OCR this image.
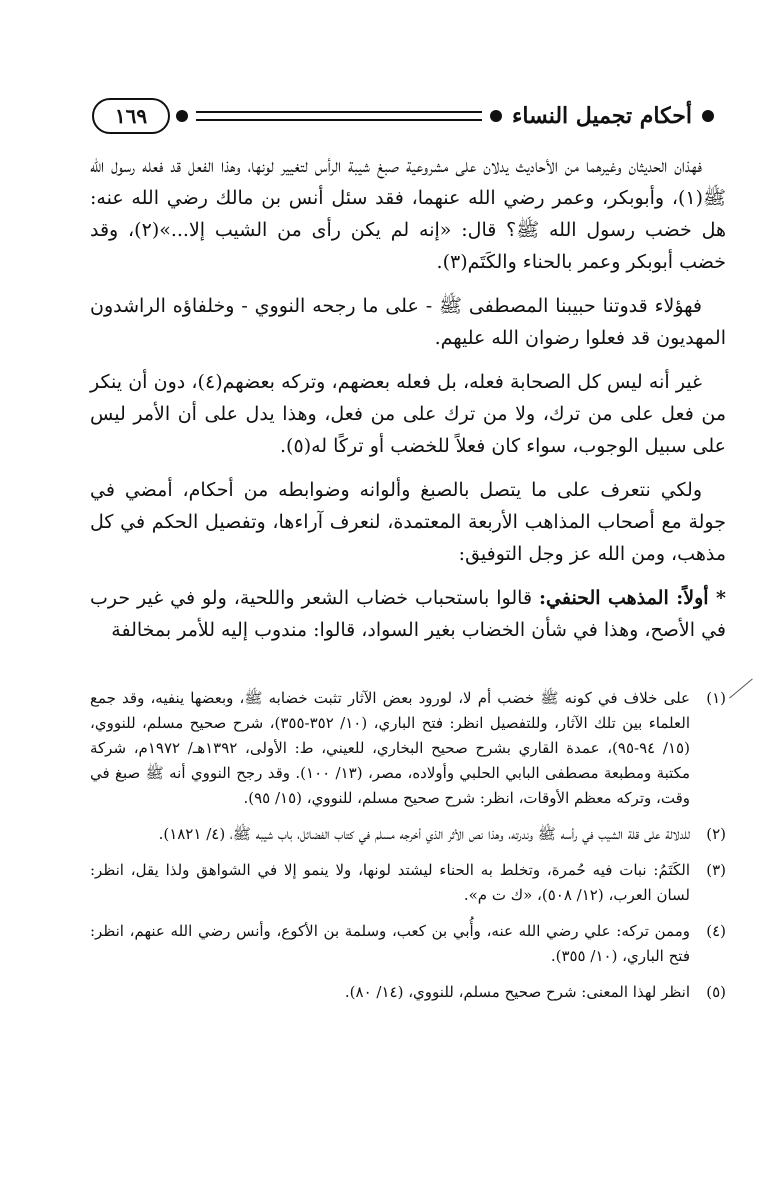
أحكام تجميل النساء
١٦٩

فهذان الحديثان وغيرهما من الأحاديث يدلان على مشروعية صبغ شيبة الرأس لتغيير لونها، وهذا الفعل قد فعله رسول الله ﷺ(١)، وأبوبكر، وعمر رضي الله عنهما، فقد سئل أنس بن مالك رضي الله عنه: هل خضب رسول الله ﷺ؟ قال: «إنه لم يكن رأى من الشيب إلا...»(٢)، وقد خضب أبوبكر وعمر بالحناء والكَتَم(٣).

فهؤلاء قدوتنا حبيبنا المصطفى ﷺ - على ما رجحه النووي - وخلفاؤه الراشدون المهديون قد فعلوا رضوان الله عليهم.

غير أنه ليس كل الصحابة فعله، بل فعله بعضهم، وتركه بعضهم(٤)، دون أن ينكر من فعل على من ترك، ولا من ترك على من فعل، وهذا يدل على أن الأمر ليس على سبيل الوجوب، سواء كان فعلاً للخضب أو تركًا له(٥).

ولكي نتعرف على ما يتصل بالصبغ وألوانه وضوابطه من أحكام، أمضي في جولة مع أصحاب المذاهب الأربعة المعتمدة، لنعرف آراءها، وتفصيل الحكم في كل مذهب، ومن الله عز وجل التوفيق:

* أولاً: المذهب الحنفي: قالوا باستحباب خضاب الشعر واللحية، ولو في غير حرب في الأصح، وهذا في شأن الخضاب بغير السواد، قالوا: مندوب إليه للأمر بمخالفة

(١)
على خلاف في كونه ﷺ خضب أم لا، لورود بعض الآثار تثبت خضابه ﷺ، وبعضها ينفيه، وقد جمع العلماء بين تلك الآثار، وللتفصيل انظر: فتح الباري، (١٠/ ٣٥٢-٣٥٥)، شرح صحيح مسلم، للنووي، (١٥/ ٩٤-٩٥)، عمدة القاري بشرح صحيح البخاري، للعيني، ط: الأولى، ١٣٩٢هـ/ ١٩٧٢م، شركة مكتبة ومطبعة مصطفى البابي الحلبي وأولاده، مصر، (١٣/ ١٠٠). وقد رجح النووي أنه ﷺ صبغ في وقت، وتركه معظم الأوقات، انظر: شرح صحيح مسلم، للنووي، (١٥/ ٩٥).
(٢)
للدلالة على قلة الشيب في رأسه ﷺ وندرته، وهذا نص الأثر الذي أخرجه مسلم في كتاب الفضائل، باب شيبه ﷺ، (٤/ ١٨٢١).
(٣)
الكَتَمُ: نبات فيه حُمرة، وتخلط به الحناء ليشتد لونها، ولا ينمو إلا في الشواهق ولذا يقل، انظر: لسان العرب، (١٢/ ٥٠٨)، «ك ت م».
(٤)
وممن تركه: علي رضي الله عنه، وأُبي بن كعب، وسلمة بن الأكوع، وأنس رضي الله عنهم، انظر: فتح الباري، (١٠/ ٣٥٥).
(٥)
انظر لهذا المعنى: شرح صحيح مسلم، للنووي، (١٤/ ٨٠).
